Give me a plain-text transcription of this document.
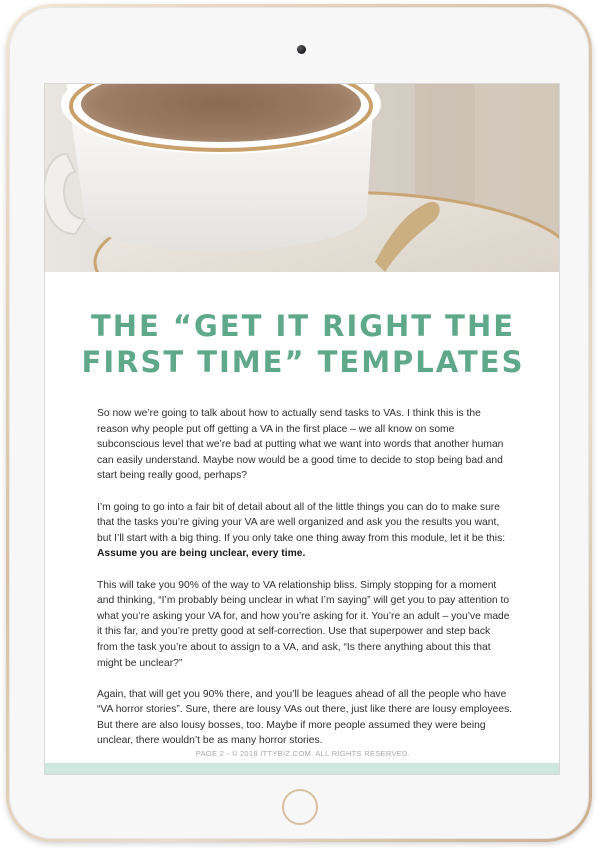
THE “GET IT RIGHT THE
FIRST TIME” TEMPLATES

So now we’re going to talk about how to actually send tasks to VAs. I think this is the reason why people put off getting a VA in the first place – we all know on some subconscious level that we’re bad at putting what we want into words that another human can easily understand. Maybe now would be a good time to decide to stop being bad and start being really good, perhaps?

I’m going to go into a fair bit of detail about all of the little things you can do to make sure that the tasks you’re giving your VA are well organized and ask you the results you want, but I’ll start with a big thing. If you only take one thing away from this module, let it be this: Assume you are being unclear, every time.

This will take you 90% of the way to VA relationship bliss. Simply stopping for a moment and thinking, “I’m probably being unclear in what I’m saying” will get you to pay attention to what you’re asking your VA for, and how you’re asking for it. You’re an adult – you’ve made it this far, and you’re pretty good at self-correction. Use that superpower and step back from the task you’re about to assign to a VA, and ask, “Is there anything about this that might be unclear?”

Again, that will get you 90% there, and you’ll be leagues ahead of all the people who have “VA horror stories”. Sure, there are lousy VAs out there, just like there are lousy employees. But there are also lousy bosses, too. Maybe if more people assumed they were being unclear, there wouldn’t be as many horror stories.

PAGE 2 - © 2018 ITTYBIZ.COM. ALL RIGHTS RESERVED.
